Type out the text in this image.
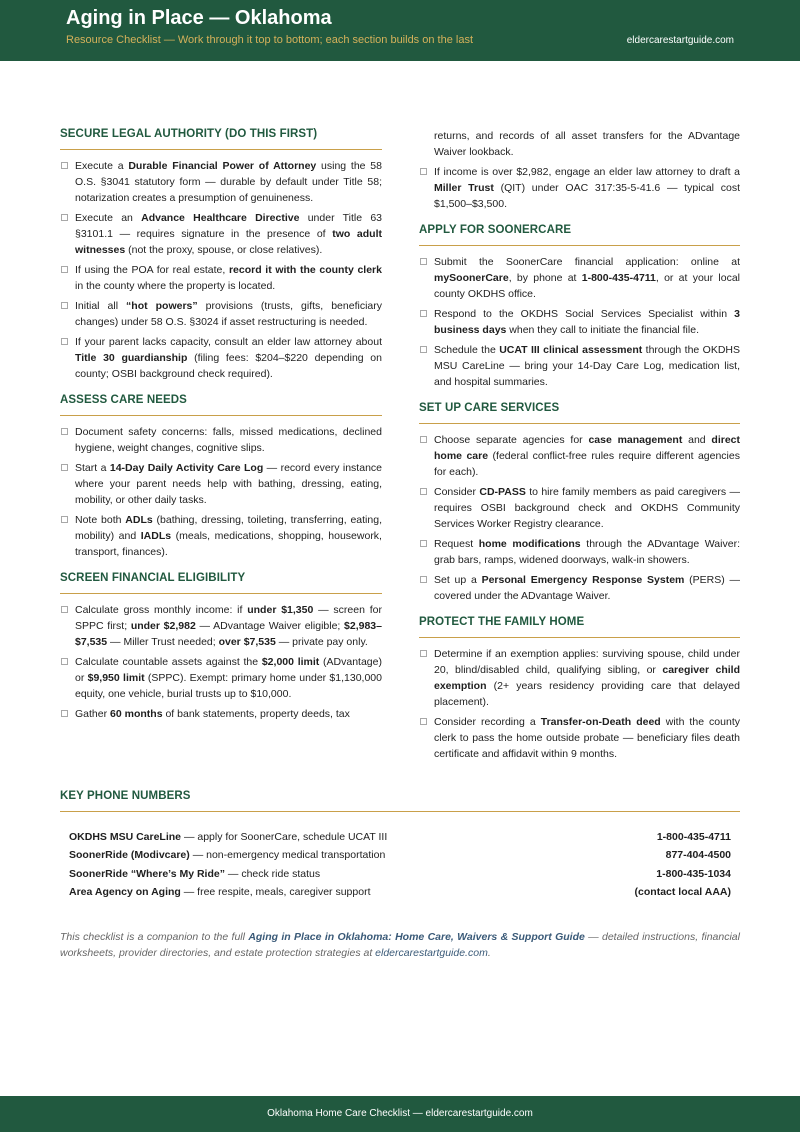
Aging in Place — Oklahoma
Resource Checklist — Work through it top to bottom; each section builds on the last	eldercarestartguide.com
SECURE LEGAL AUTHORITY (DO THIS FIRST)
Execute a Durable Financial Power of Attorney using the 58 O.S. §3041 statutory form — durable by default under Title 58; notarization creates a presumption of genuineness.
Execute an Advance Healthcare Directive under Title 63 §3101.1 — requires signature in the presence of two adult witnesses (not the proxy, spouse, or close relatives).
If using the POA for real estate, record it with the county clerk in the county where the property is located.
Initial all “hot powers” provisions (trusts, gifts, beneficiary changes) under 58 O.S. §3024 if asset restructuring is needed.
If your parent lacks capacity, consult an elder law attorney about Title 30 guardianship (filing fees: $204–$220 depending on county; OSBI background check required).
ASSESS CARE NEEDS
Document safety concerns: falls, missed medications, declined hygiene, weight changes, cognitive slips.
Start a 14-Day Daily Activity Care Log — record every instance where your parent needs help with bathing, dressing, eating, mobility, or other daily tasks.
Note both ADLs (bathing, dressing, toileting, transferring, eating, mobility) and IADLs (meals, medications, shopping, housework, transport, finances).
SCREEN FINANCIAL ELIGIBILITY
Calculate gross monthly income: if under $1,350 — screen for SPPC first; under $2,982 — ADvantage Waiver eligible; $2,983–$7,535 — Miller Trust needed; over $7,535 — private pay only.
Calculate countable assets against the $2,000 limit (ADvantage) or $9,950 limit (SPPC). Exempt: primary home under $1,130,000 equity, one vehicle, burial trusts up to $10,000.
Gather 60 months of bank statements, property deeds, tax
returns, and records of all asset transfers for the ADvantage Waiver lookback.
If income is over $2,982, engage an elder law attorney to draft a Miller Trust (QIT) under OAC 317:35-5-41.6 — typical cost $1,500–$3,500.
APPLY FOR SOONERCARE
Submit the SoonerCare financial application: online at mySoonerCare, by phone at 1-800-435-4711, or at your local county OKDHS office.
Respond to the OKDHS Social Services Specialist within 3 business days when they call to initiate the financial file.
Schedule the UCAT III clinical assessment through the OKDHS MSU CareLine — bring your 14-Day Care Log, medication list, and hospital summaries.
SET UP CARE SERVICES
Choose separate agencies for case management and direct home care (federal conflict-free rules require different agencies for each).
Consider CD-PASS to hire family members as paid caregivers — requires OSBI background check and OKDHS Community Services Worker Registry clearance.
Request home modifications through the ADvantage Waiver: grab bars, ramps, widened doorways, walk-in showers.
Set up a Personal Emergency Response System (PERS) — covered under the ADvantage Waiver.
PROTECT THE FAMILY HOME
Determine if an exemption applies: surviving spouse, child under 20, blind/disabled child, qualifying sibling, or caregiver child exemption (2+ years residency providing care that delayed placement).
Consider recording a Transfer-on-Death deed with the county clerk to pass the home outside probate — beneficiary files death certificate and affidavit within 9 months.
KEY PHONE NUMBERS
OKDHS MSU CareLine — apply for SoonerCare, schedule UCAT III	1-800-435-4711
SoonerRide (Modivcare) — non-emergency medical transportation	877-404-4500
SoonerRide “Where’s My Ride” — check ride status	1-800-435-1034
Area Agency on Aging — free respite, meals, caregiver support	(contact local AAA)
This checklist is a companion to the full Aging in Place in Oklahoma: Home Care, Waivers & Support Guide — detailed instructions, financial worksheets, provider directories, and estate protection strategies at eldercarestartguide.com.
Oklahoma Home Care Checklist — eldercarestartguide.com
